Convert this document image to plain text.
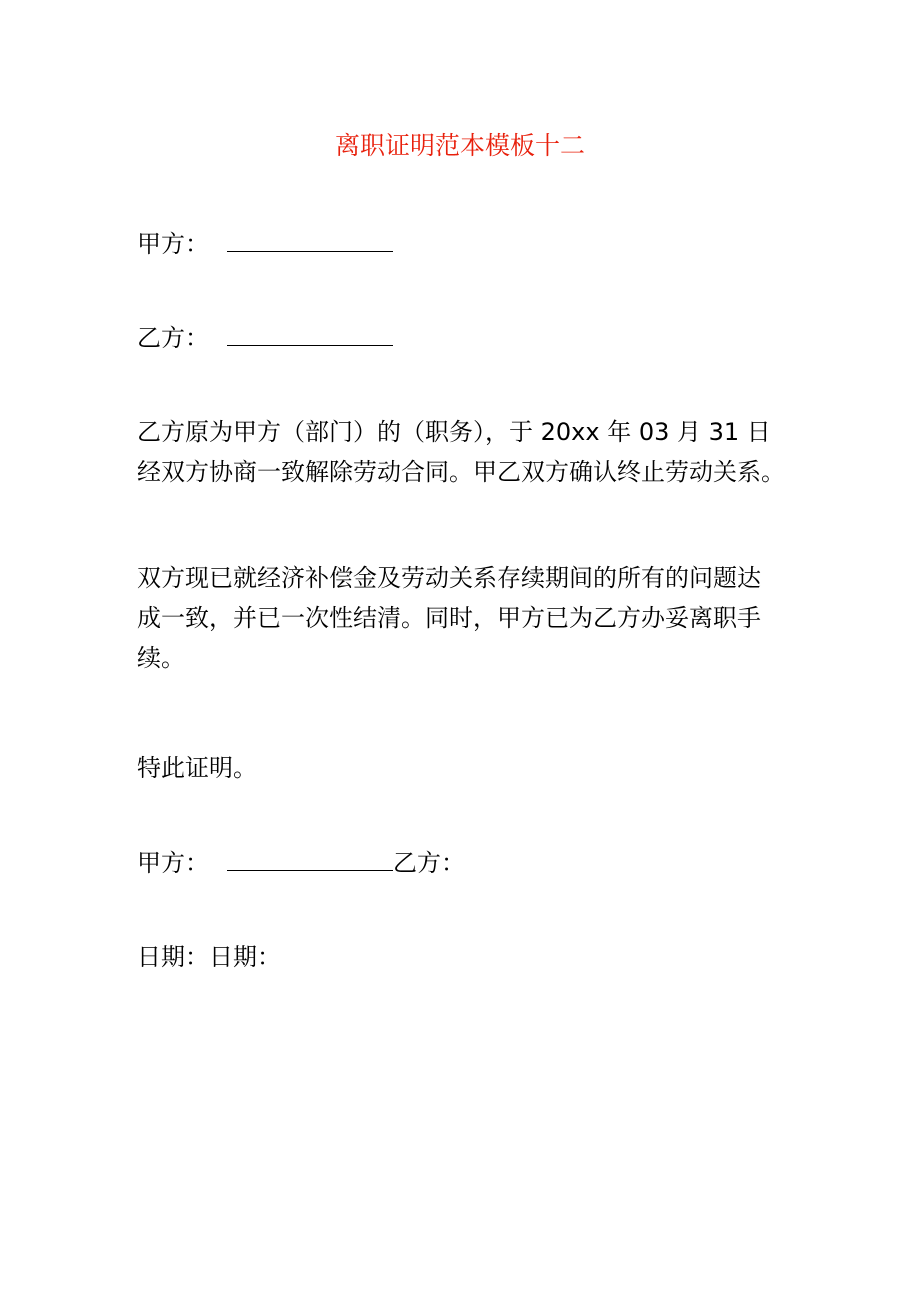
离职证明范本模板十二
甲方：
乙方：

乙方原为甲方（部门）的（职务），于 20xx 年 03 月 31 日

经双方协商一致解除劳动合同。甲乙双方确认终止劳动关系。

双方现已就经济补偿金及劳动关系存续期间的所有的问题达

成一致，并已一次性结清。同时，甲方已为乙方办妥离职手

续。

特此证明。
甲方：	乙方：
日期：日期：
